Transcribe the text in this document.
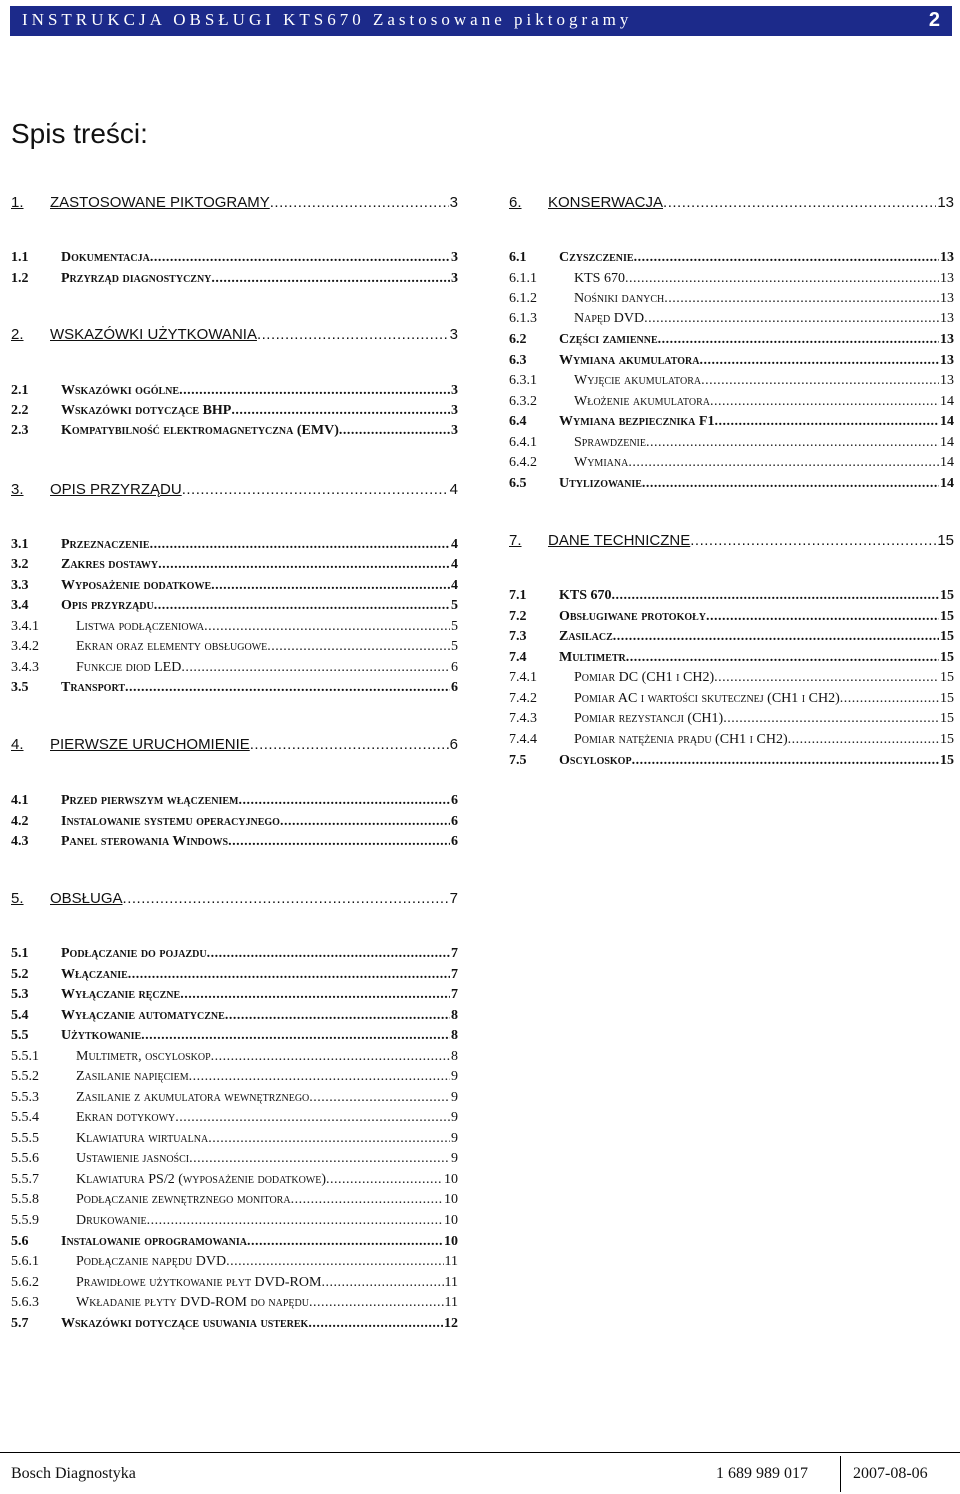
INSTRUKCJA OBSŁUGI KTS670 Zastosowane piktogramy	2
Spis treści:
1.	ZASTOSOWANE PIKTOGRAMY .....	3
1.1	Dokumentacja .....	3
1.2	Przyrząd diagnostyczny .....	3
2.	WSKAZÓWKI UŻYTKOWANIA .....	3
2.1	Wskazówki ogólne .....	3
2.2	Wskazówki dotyczące BHP .....	3
2.3	Kompatybilność elektromagnetyczna (EMV) .....	3
3.	OPIS PRZYRZĄDU .....	4
3.1	Przeznaczenie .....	4
3.2	Zakres dostawy .....	4
3.3	Wyposażenie dodatkowe .....	4
3.4	Opis przyrządu .....	5
3.4.1	Listwa podłączeniowa .....	5
3.4.2	Ekran oraz elementy obsługowe .....	5
3.4.3	Funkcje diod LED .....	6
3.5	Transport .....	6
4.	PIERWSZE URUCHOMIENIE .....	6
4.1	Przed pierwszym włączeniem .....	6
4.2	Instalowanie systemu operacyjnego .....	6
4.3	Panel sterowania Windows .....	6
5.	OBSŁUGA .....	7
5.1	Podłączanie do pojazdu .....	7
5.2	Włączanie .....	7
5.3	Wyłączanie ręczne .....	7
5.4	Wyłączanie automatyczne .....	8
5.5	Użytkowanie .....	8
5.5.1	Multimetr, oscyloskop .....	8
5.5.2	Zasilanie napięciem .....	9
5.5.3	Zasilanie z akumulatora wewnętrznego .....	9
5.5.4	Ekran dotykowy .....	9
5.5.5	Klawiatura wirtualna .....	9
5.5.6	Ustawienie jasności .....	9
5.5.7	Klawiatura PS/2 (wyposażenie dodatkowe) .....	10
5.5.8	Podłączanie zewnętrznego monitora .....	10
5.5.9	Drukowanie .....	10
5.6	Instalowanie oprogramowania .....	10
5.6.1	Podłączanie napędu DVD .....	11
5.6.2	Prawidłowe użytkowanie płyt DVD-ROM .....	11
5.6.3	Wkładanie płyty DVD-ROM do napędu .....	11
5.7	Wskazówki dotyczące usuwania usterek .....	12
6.	KONSERWACJA .....	13
6.1	Czyszczenie .....	13
6.1.1	KTS 670 .....	13
6.1.2	Nośniki danych .....	13
6.1.3	Napęd DVD .....	13
6.2	Części zamienne .....	13
6.3	Wymiana akumulatora .....	13
6.3.1	Wyjęcie akumulatora .....	13
6.3.2	Włożenie akumulatora .....	14
6.4	Wymiana bezpiecznika F1 .....	14
6.4.1	Sprawdzenie .....	14
6.4.2	Wymiana .....	14
6.5	Utylizowanie .....	14
7.	DANE TECHNICZNE .....	15
7.1	KTS 670 .....	15
7.2	Obsługiwane protokoły .....	15
7.3	Zasilacz .....	15
7.4	Multimetr .....	15
7.4.1	Pomiar DC (CH1 i CH2) .....	15
7.4.2	Pomiar AC i wartości skutecznej (CH1 i CH2) .....	15
7.4.3	Pomiar rezystancji (CH1) .....	15
7.4.4	Pomiar natężenia prądu (CH1 i CH2) .....	15
7.5	Oscyloskop .....	15
Bosch Diagnostyka	1 689 989 017	2007-08-06
